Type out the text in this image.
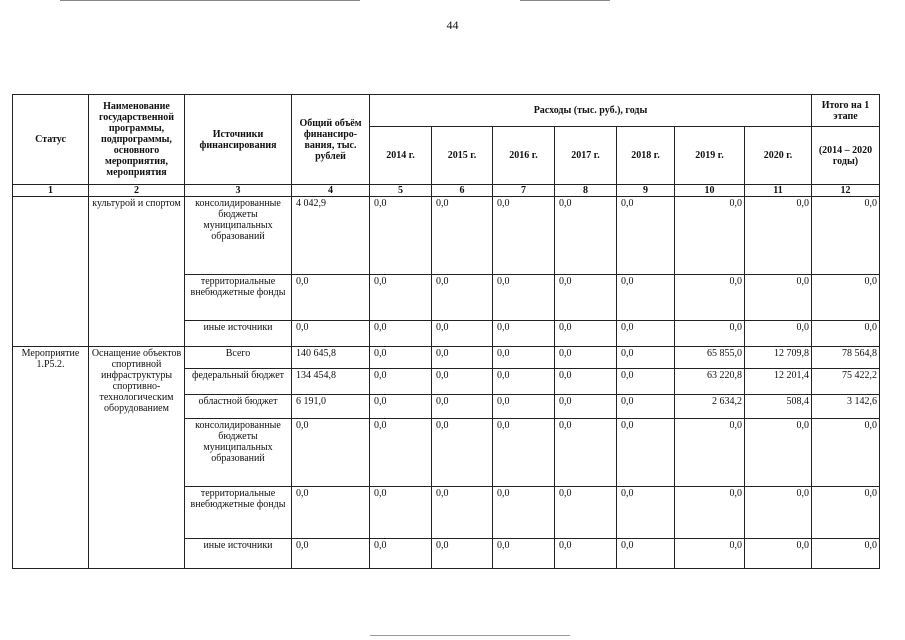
44
Статус	Наименование государственной программы, подпрограммы, основного мероприятия, мероприятия	Источники финансирования	Общий объём финансиро-вания, тыс. рублей	Расходы (тыс. руб.), годы							Итого на 1 этапе
				2014 г.	2015 г.	2016 г.	2017 г.	2018 г.	2019 г.	2020 г.	(2014 – 2020 годы)
1	2	3	4	5	6	7	8	9	10	11	12
	культурой и спортом	консолидированные бюджеты муниципальных образований	4 042,9	0,0	0,0	0,0	0,0	0,0	0,0	0,0	0,0
		территориальные внебюджетные фонды	0,0	0,0	0,0	0,0	0,0	0,0	0,0	0,0	0,0
		иные источники	0,0	0,0	0,0	0,0	0,0	0,0	0,0	0,0	0,0
Мероприятие 1.Р5.2.	Оснащение объектов спортивной инфраструктуры спортивно-технологическим оборудованием	Всего	140 645,8	0,0	0,0	0,0	0,0	0,0	65 855,0	12 709,8	78 564,8
		федеральный бюджет	134 454,8	0,0	0,0	0,0	0,0	0,0	63 220,8	12 201,4	75 422,2
		областной бюджет	6 191,0	0,0	0,0	0,0	0,0	0,0	2 634,2	508,4	3 142,6
		консолидированные бюджеты муниципальных образований	0,0	0,0	0,0	0,0	0,0	0,0	0,0	0,0	0,0
		территориальные внебюджетные фонды	0,0	0,0	0,0	0,0	0,0	0,0	0,0	0,0	0,0
		иные источники	0,0	0,0	0,0	0,0	0,0	0,0	0,0	0,0	0,0
